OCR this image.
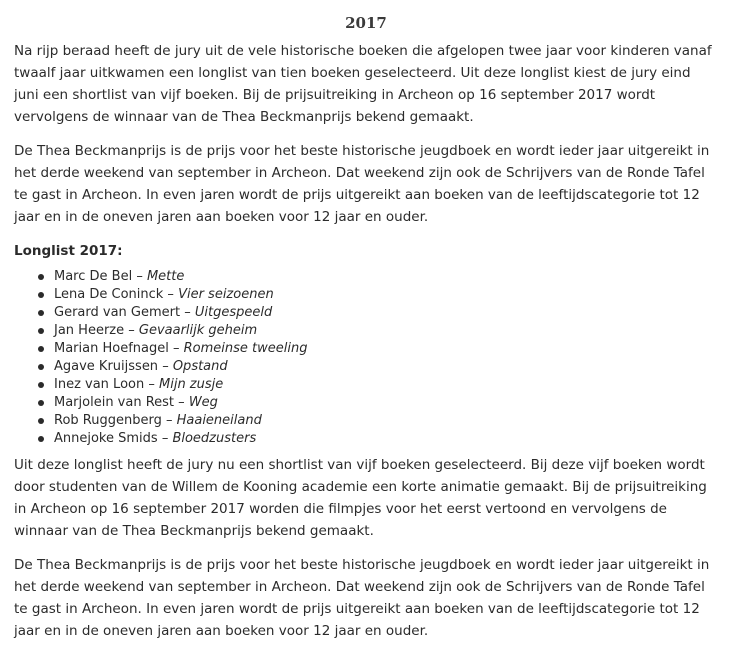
2017

Na rijp beraad heeft de jury uit de vele historische boeken die afgelopen twee jaar voor kinderen vanaf twaalf jaar uitkwamen een longlist van tien boeken geselecteerd. Uit deze longlist kiest de jury eind juni een shortlist van vijf boeken. Bij de prijsuitreiking in Archeon op 16 september 2017 wordt vervolgens de winnaar van de Thea Beckmanprijs bekend gemaakt.

De Thea Beckmanprijs is de prijs voor het beste historische jeugdboek en wordt ieder jaar uitgereikt in het derde weekend van september in Archeon. Dat weekend zijn ook de Schrijvers van de Ronde Tafel te gast in Archeon. In even jaren wordt de prijs uitgereikt aan boeken van de leeftijdscategorie tot 12 jaar en in de oneven jaren aan boeken voor 12 jaar en ouder.

Longlist 2017:
Marc De Bel – Mette
Lena De Coninck – Vier seizoenen
Gerard van Gemert – Uitgespeeld
Jan Heerze – Gevaarlijk geheim
Marian Hoefnagel – Romeinse tweeling
Agave Kruijssen – Opstand
Inez van Loon – Mijn zusje
Marjolein van Rest – Weg
Rob Ruggenberg – Haaieneiland
Annejoke Smids – Bloedzusters

Uit deze longlist heeft de jury nu een shortlist van vijf boeken geselecteerd. Bij deze vijf boeken wordt door studenten van de Willem de Kooning academie een korte animatie gemaakt. Bij de prijsuitreiking in Archeon op 16 september 2017 worden die filmpjes voor het eerst vertoond en vervolgens de winnaar van de Thea Beckmanprijs bekend gemaakt.

De Thea Beckmanprijs is de prijs voor het beste historische jeugdboek en wordt ieder jaar uitgereikt in het derde weekend van september in Archeon. Dat weekend zijn ook de Schrijvers van de Ronde Tafel te gast in Archeon. In even jaren wordt de prijs uitgereikt aan boeken van de leeftijdscategorie tot 12 jaar en in de oneven jaren aan boeken voor 12 jaar en ouder.
